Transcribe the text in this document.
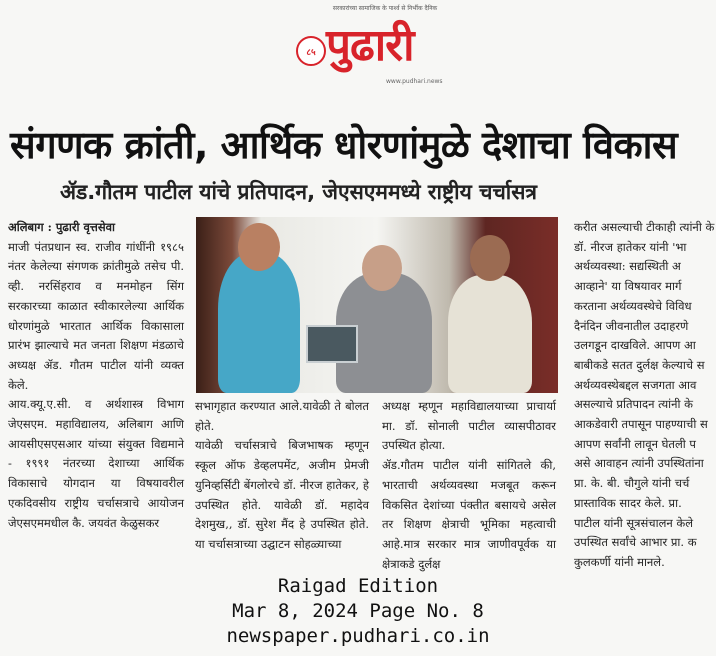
सरकारांच्या सामाजिक के पार्श्व से निर्भीक दैनिक
८५ पुढारी
www.pudhari.news
संगणक क्रांती, आर्थिक धोरणांमुळे देशाचा विकास
ॲड.गौतम पाटील यांचे प्रतिपादन, जेएसएममध्ये राष्ट्रीय चर्चासत्र

अलिबाग : पुढारी वृत्तसेवा

माजी पंतप्रधान स्व. राजीव गांधींनी १९८५ नंतर केलेल्या संगणक क्रांतीमुळे तसेच पी. व्ही. नरसिंहराव व मनमोहन सिंग सरकारच्या काळात स्वीकारलेल्या आर्थिक धोरणांमुळे भारतात आर्थिक विकासाला प्रारंभ झाल्याचे मत जनता शिक्षण मंडळाचे अध्यक्ष ॲड. गौतम पाटील यांनी व्यक्त केले.

आय.क्यू.ए.सी. व अर्थशास्त्र विभाग जेएसएम. महाविद्यालय, अलिबाग आणि आयसीएसएसआर यांच्या संयुक्त विद्यमाने - १९९१ नंतरच्या देशाच्या आर्थिक विकासाचे योगदान या विषयावरील एकदिवसीय राष्ट्रीय चर्चासत्राचे आयोजन जेएसएममधील कै. जयवंत केळुसकर

सभागृहात करण्यात आले.यावेळी ते बोलत होते.

यावेळी चर्चासत्राचे बिजभाषक म्हणून स्कूल ऑफ डेव्हलपमेंट, अजीम प्रेमजी युनिव्हर्सिटी बेंगलोरचे डॉ. नीरज हातेकर, हे उपस्थित होते. यावेळी डॉ. महादेव देशमुख,, डॉ. सुरेश मैंद हे उपस्थित होते. या चर्चासत्राच्या उद्घाटन सोहळ्याच्या

अध्यक्ष म्हणून महाविद्यालयाच्या प्राचार्या मा. डॉ. सोनाली पाटील व्यासपीठावर उपस्थित होत्या.

ॲड.गौतम पाटील यांनी सांगितले की, भारताची अर्थव्यवस्था मजबूत करून विकसित देशांच्या पंक्तीत बसायचे असेल तर शिक्षण क्षेत्राची भूमिका महत्वाची आहे.मात्र सरकार मात्र जाणीवपूर्वक या क्षेत्राकडे दुर्लक्ष

करीत असल्याची टीकाही त्यांनी के

डॉ. नीरज हातेकर यांनी 'भा

अर्थव्यवस्था: सद्यस्थिती अ

आव्हाने' या विषयावर मार्ग

करताना अर्थव्यवस्थेचे विविध

दैनंदिन जीवनातील उदाहरणे

उलगडून दाखविले. आपण आ

बाबीकडे सतत दुर्लक्ष केल्याचे स

अर्थव्यवस्थेबद्दल सजगता आव

असल्याचे प्रतिपादन त्यांनी के

आकडेवारी तपासून पाहण्याची स

आपण सर्वांनी लावून घेतली प

असे आवाहन त्यांनी उपस्थितांना

प्रा. के. बी. चौगुले यांनी चर्च

प्रास्ताविक सादर केले. प्रा.

पाटील यांनी सूत्रसंचालन केले

उपस्थित सर्वांचे आभार प्रा. क

कुलकर्णी यांनी मानले.

Raigad Edition
Mar 8, 2024 Page No. 8
newspaper.pudhari.co.in
